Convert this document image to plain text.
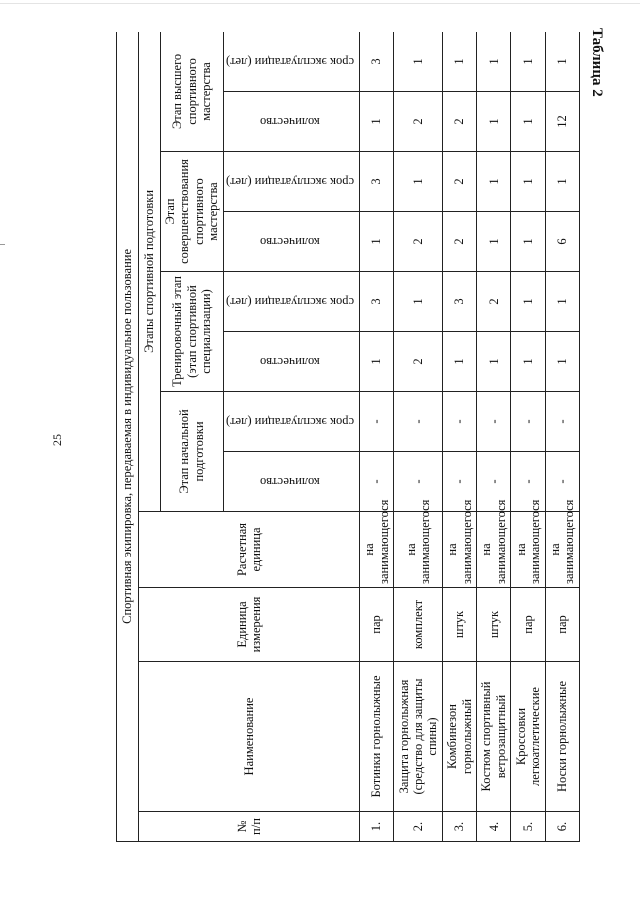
25
Таблица 2
Спортивная экипировка, передаваемая в индивидуальное пользование											
№ п/п	Наименование	Единица измерения	Расчетная единица	Этапы спортивной подготовки							
				Этап начальной подготовки		Тренировочный этап (этап спортивной специализации)		Этап совершенствования спортивного мастерства		Этап высшего спортивного мастерства	
				количество	срок эксплуатации (лет)	количество	срок эксплуатации (лет)	количество	срок эксплуатации (лет)	количество	срок эксплуатации (лет)
1.	Ботинки горнолыжные	пар	на занимающегося	-	-	1	3	1	3	1	3
2.	Защита горнолыжная (средство для защиты спины)	комплект	на занимающегося	-	-	2	1	2	1	2	1
3.	Комбинезон горнолыжный	штук	на занимающегося	-	-	1	3	2	2	2	1
4.	Костюм спортивный ветрозащитный	штук	на занимающегося	-	-	1	2	1	1	1	1
5.	Кроссовки легкоатлетические	пар	на занимающегося	-	-	1	1	1	1	1	1
6.	Носки горнолыжные	пар	на занимающегося	-	-	1	1	6	1	12	1
